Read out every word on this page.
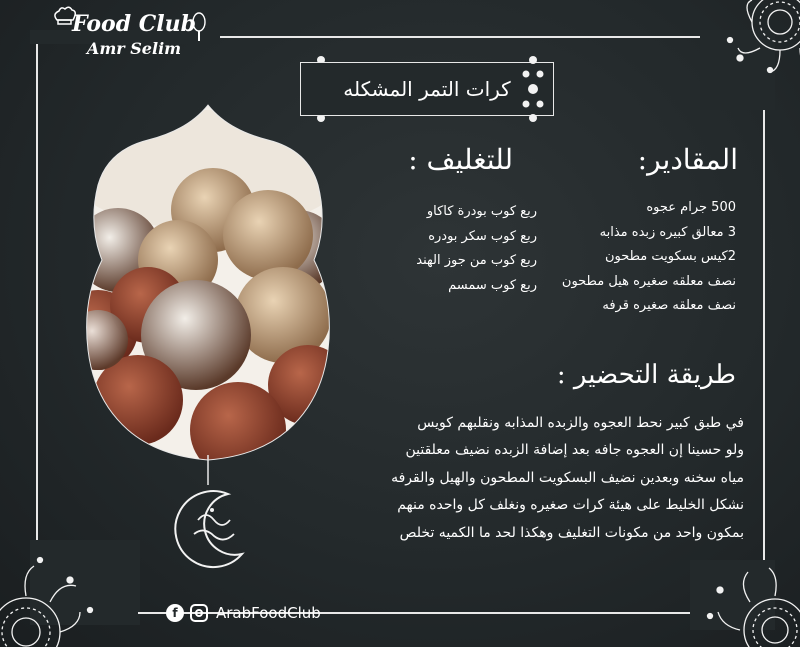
Food Club
Amr Selim
كرات التمر المشكله
المقادير:
500 جرام عجوه
3 معالق كبيره زبده مذابه
2كيس بسكويت مطحون
نصف معلقه صغيره هيل مطحون
نصف معلقه صغيره قرفه
للتغليف :
ربع كوب بودرة كاكاو
ربع كوب سكر بودره
ربع كوب من جوز الهند
ربع كوب سمسم
طريقة التحضير :
في طبق كبير نحط العجوه والزبده المذابه ونقلبهم كويس
ولو حسينا إن العجوه جافه بعد إضافة الزبده نضيف معلقتين
مياه سخنه وبعدين نضيف البسكويت المطحون والهيل والقرفه
نشكل الخليط على هيئة كرات صغيره ونغلف كل واحده منهم
بمكون واحد من مكونات التغليف وهكذا لحد ما الكميه تخلص
f	ArabFoodClub
